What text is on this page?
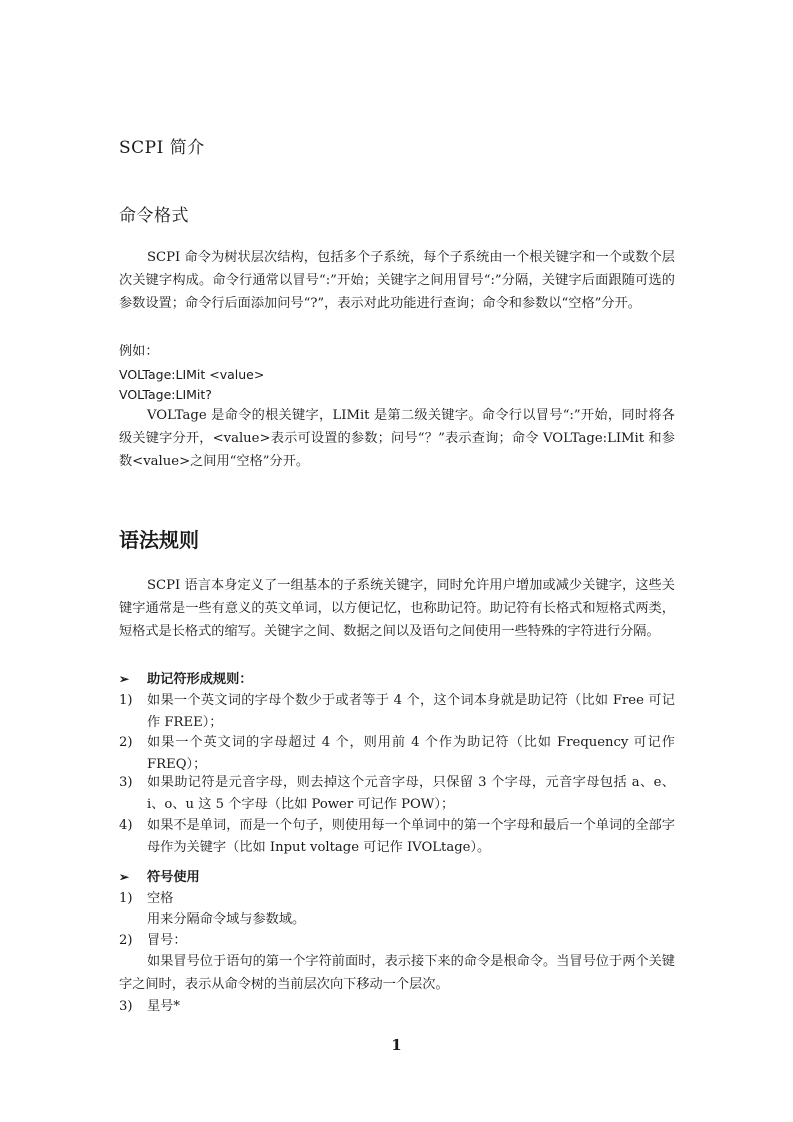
SCPI 简介
命令格式

SCPI 命令为树状层次结构，包括多个子系统，每个子系统由一个根关键字和一个或数个层次关键字构成。命令行通常以冒号“:”开始；关键字之间用冒号“:”分隔，关键字后面跟随可选的参数设置；命令行后面添加问号“?”，表示对此功能进行查询；命令和参数以“空格”分开。

例如：
VOLTage:LIMit <value>
VOLTage:LIMit?

VOLTage 是命令的根关键字，LIMit 是第二级关键字。命令行以冒号“:”开始，同时将各级关键字分开，<value>表示可设置的参数；问号“？”表示查询；命令 VOLTage:LIMit 和参数<value>之间用“空格”分开。

语法规则

SCPI 语言本身定义了一组基本的子系统关键字，同时允许用户增加或减少关键字，这些关键字通常是一些有意义的英文单词，以方便记忆，也称助记符。助记符有长格式和短格式两类，短格式是长格式的缩写。关键字之间、数据之间以及语句之间使用一些特殊的字符进行分隔。

➢ 助记符形成规则：
1)	如果一个英文词的字母个数少于或者等于 4 个，这个词本身就是助记符（比如 Free 可记作 FREE）；
2)	如果一个英文词的字母超过 4 个，则用前 4 个作为助记符（比如 Frequency 可记作 FREQ）；
3)	如果助记符是元音字母，则去掉这个元音字母，只保留 3 个字母，元音字母包括 a、e、i、o、u 这 5 个字母（比如 Power 可记作 POW）；
4)	如果不是单词，而是一个句子，则使用每一个单词中的第一个字母和最后一个单词的全部字母作为关键字（比如 Input voltage 可记作 IVOLtage）。
➢ 符号使用
1)	空格
用来分隔命令域与参数域。
2)	冒号：

如果冒号位于语句的第一个字符前面时，表示接下来的命令是根命令。当冒号位于两个关键 字之间时，表示从命令树的当前层次向下移动一个层次。

3)	星号*
1
